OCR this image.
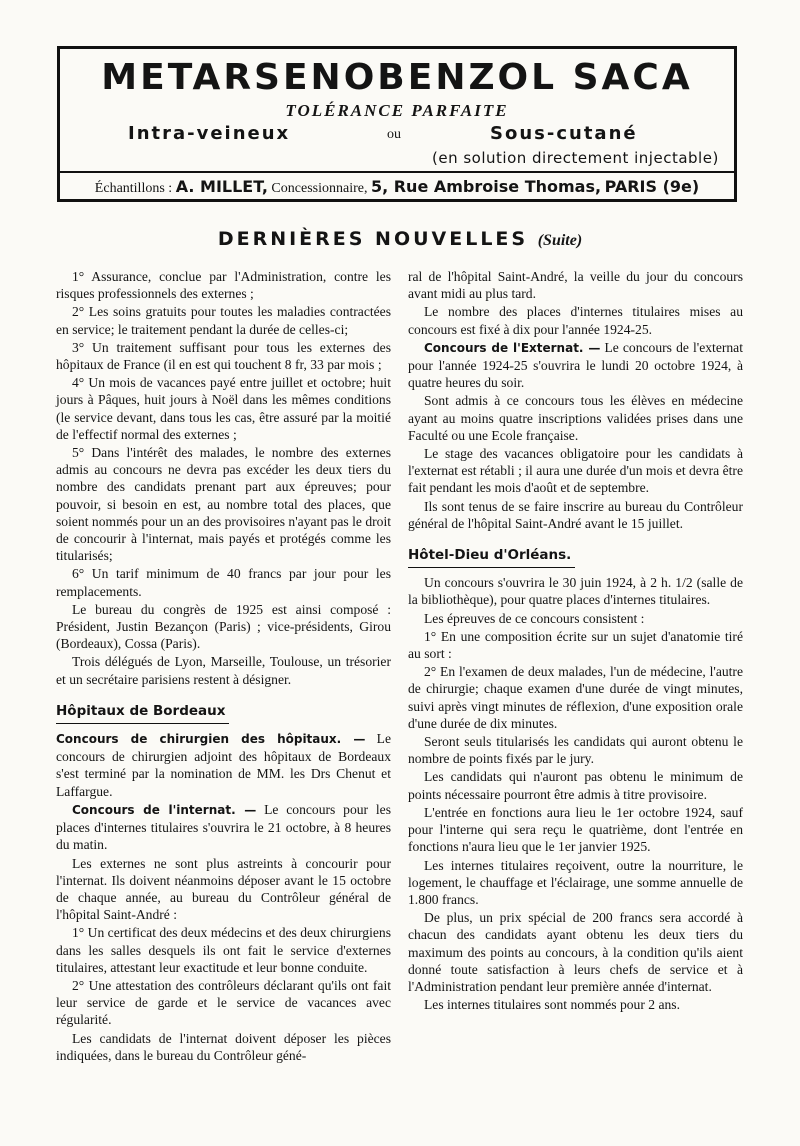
METARSENOBENZOL SACA
TOLÉRANCE PARFAITE
Intra-veineux	ou	Sous-cutané
(en solution directement injectable)
Échantillons : A. MILLET, Concessionnaire, 5, Rue Ambroise Thomas, PARIS (9e)
DERNIÈRES NOUVELLES (Suite)

1° Assurance, conclue par l'Administration, contre les risques professionnels des externes ;

2° Les soins gratuits pour toutes les maladies contractées en service; le traitement pendant la durée de celles-ci;

3° Un traitement suffisant pour tous les externes des hôpitaux de France (il en est qui touchent 8 fr, 33 par mois ;

4° Un mois de vacances payé entre juillet et octobre; huit jours à Pâques, huit jours à Noël dans les mêmes conditions (le service devant, dans tous les cas, être assuré par la moitié de l'effectif normal des externes ;

5° Dans l'intérêt des malades, le nombre des externes admis au concours ne devra pas excéder les deux tiers du nombre des candidats prenant part aux épreuves; pour pouvoir, si besoin en est, au nombre total des places, que soient nommés pour un an des provisoires n'ayant pas le droit de concourir à l'internat, mais payés et protégés comme les titularisés;

6° Un tarif minimum de 40 francs par jour pour les remplacements.

Le bureau du congrès de 1925 est ainsi composé : Président, Justin Bezançon (Paris) ; vice-présidents, Girou (Bordeaux), Cossa (Paris).

Trois délégués de Lyon, Marseille, Toulouse, un trésorier et un secrétaire parisiens restent à désigner.

Hôpitaux de Bordeaux

Concours de chirurgien des hôpitaux. — Le concours de chirurgien adjoint des hôpitaux de Bordeaux s'est terminé par la nomination de MM. les Drs Chenut et Laffargue.

Concours de l'internat. — Le concours pour les places d'internes titulaires s'ouvrira le 21 octobre, à 8 heures du matin.

Les externes ne sont plus astreints à concourir pour l'internat. Ils doivent néanmoins déposer avant le 15 octobre de chaque année, au bureau du Contrôleur général de l'hôpital Saint-André :

1° Un certificat des deux médecins et des deux chirurgiens dans les salles desquels ils ont fait le service d'externes titulaires, attestant leur exactitude et leur bonne conduite.

2° Une attestation des contrôleurs déclarant qu'ils ont fait leur service de garde et le service de vacances avec régularité.

Les candidats de l'internat doivent déposer les pièces indiquées, dans le bureau du Contrôleur géné-

ral de l'hôpital Saint-André, la veille du jour du concours avant midi au plus tard.

Le nombre des places d'internes titulaires mises au concours est fixé à dix pour l'année 1924-25.

Concours de l'Externat. — Le concours de l'externat pour l'année 1924-25 s'ouvrira le lundi 20 octobre 1924, à quatre heures du soir.

Sont admis à ce concours tous les élèves en médecine ayant au moins quatre inscriptions validées prises dans une Faculté ou une Ecole française.

Le stage des vacances obligatoire pour les candidats à l'externat est rétabli ; il aura une durée d'un mois et devra être fait pendant les mois d'août et de septembre.

Ils sont tenus de se faire inscrire au bureau du Contrôleur général de l'hôpital Saint-André avant le 15 juillet.

Hôtel-Dieu d'Orléans.

Un concours s'ouvrira le 30 juin 1924, à 2 h. 1/2 (salle de la bibliothèque), pour quatre places d'internes titulaires.

Les épreuves de ce concours consistent :

1° En une composition écrite sur un sujet d'anatomie tiré au sort :

2° En l'examen de deux malades, l'un de médecine, l'autre de chirurgie; chaque examen d'une durée de vingt minutes, suivi après vingt minutes de réflexion, d'une exposition orale d'une durée de dix minutes.

Seront seuls titularisés les candidats qui auront obtenu le nombre de points fixés par le jury.

Les candidats qui n'auront pas obtenu le minimum de points nécessaire pourront être admis à titre provisoire.

L'entrée en fonctions aura lieu le 1er octobre 1924, sauf pour l'interne qui sera reçu le quatrième, dont l'entrée en fonctions n'aura lieu que le 1er janvier 1925.

Les internes titulaires reçoivent, outre la nourriture, le logement, le chauffage et l'éclairage, une somme annuelle de 1.800 francs.

De plus, un prix spécial de 200 francs sera accordé à chacun des candidats ayant obtenu les deux tiers du maximum des points au concours, à la condition qu'ils aient donné toute satisfaction à leurs chefs de service et à l'Administration pendant leur première année d'internat.

Les internes titulaires sont nommés pour 2 ans.
